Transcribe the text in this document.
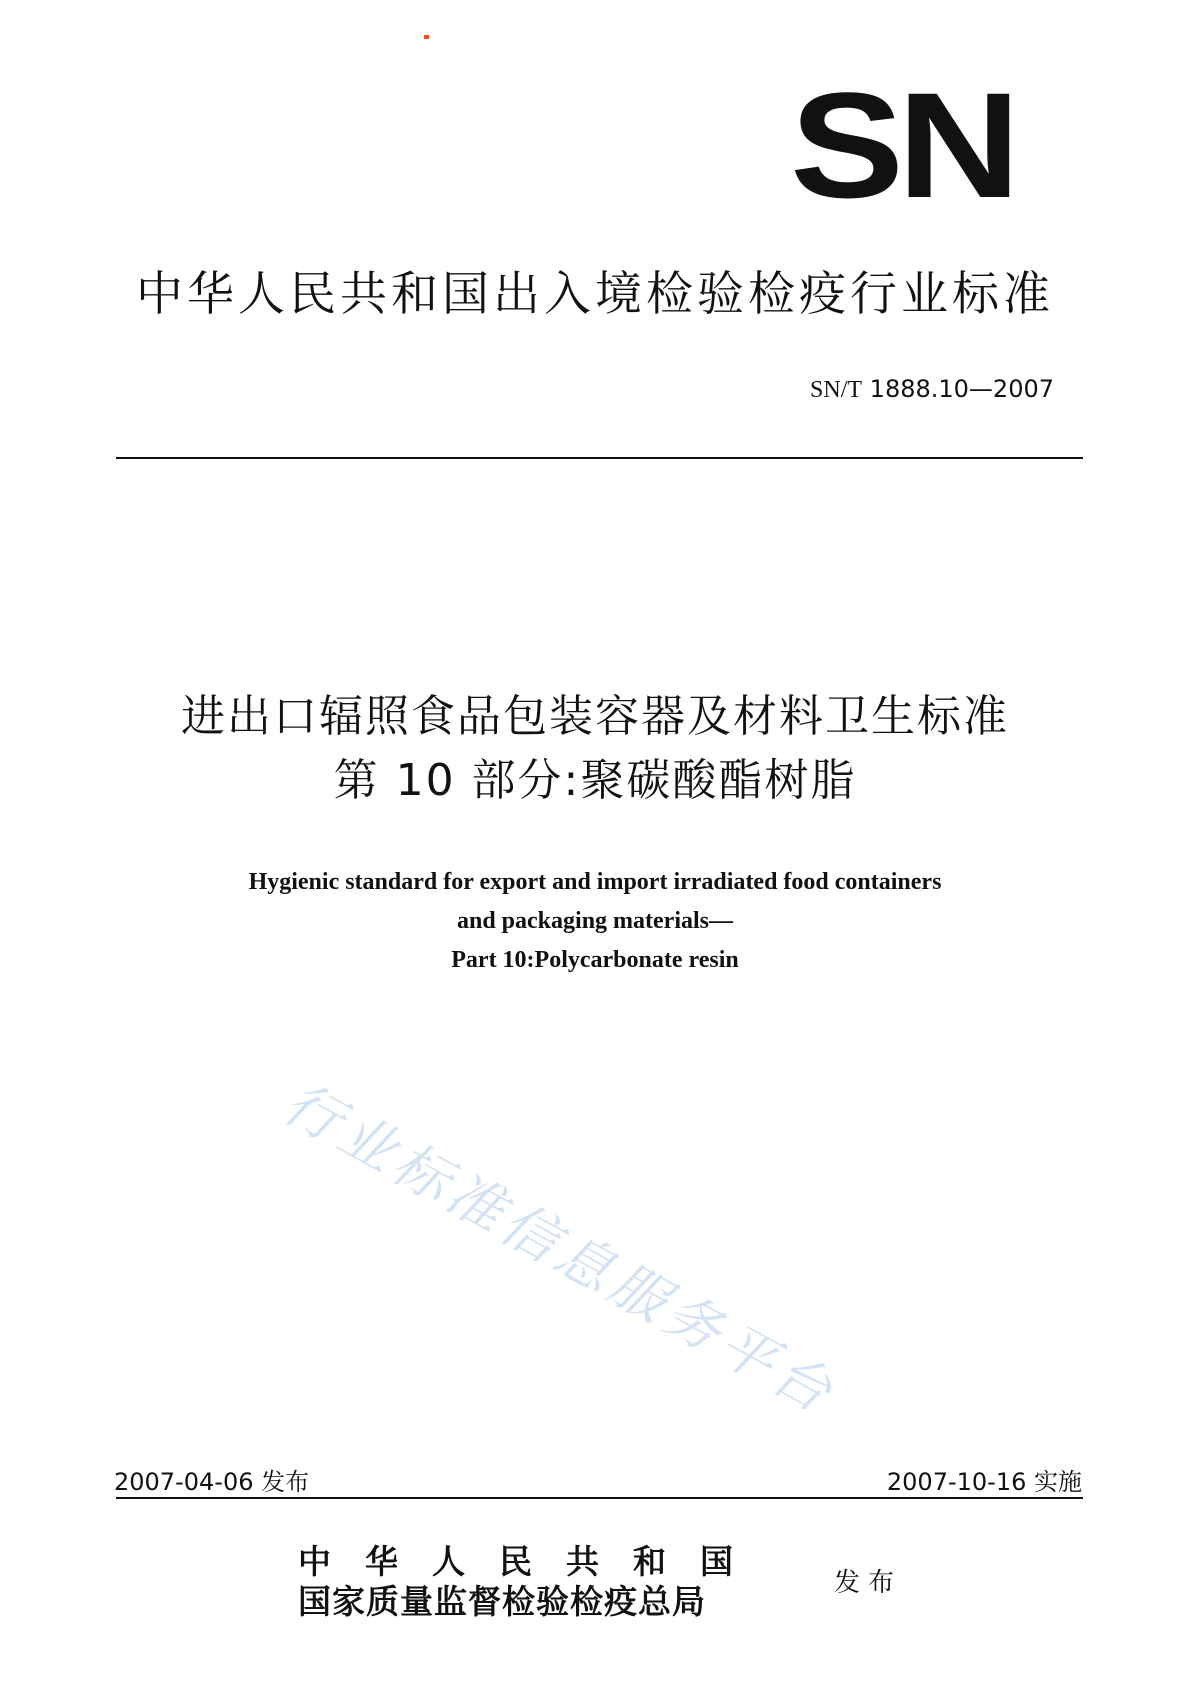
SN
中华人民共和国出入境检验检疫行业标准
SN/T 1888.10—2007
进出口辐照食品包装容器及材料卫生标准
第 10 部分:聚碳酸酯树脂
Hygienic standard for export and import irradiated food containers
and packaging materials—
Part 10:Polycarbonate resin
行业标准信息服务平台
2007-04-06 发布	2007-10-16 实施
中华人民共和国
国家质量监督检验检疫总局	发布
